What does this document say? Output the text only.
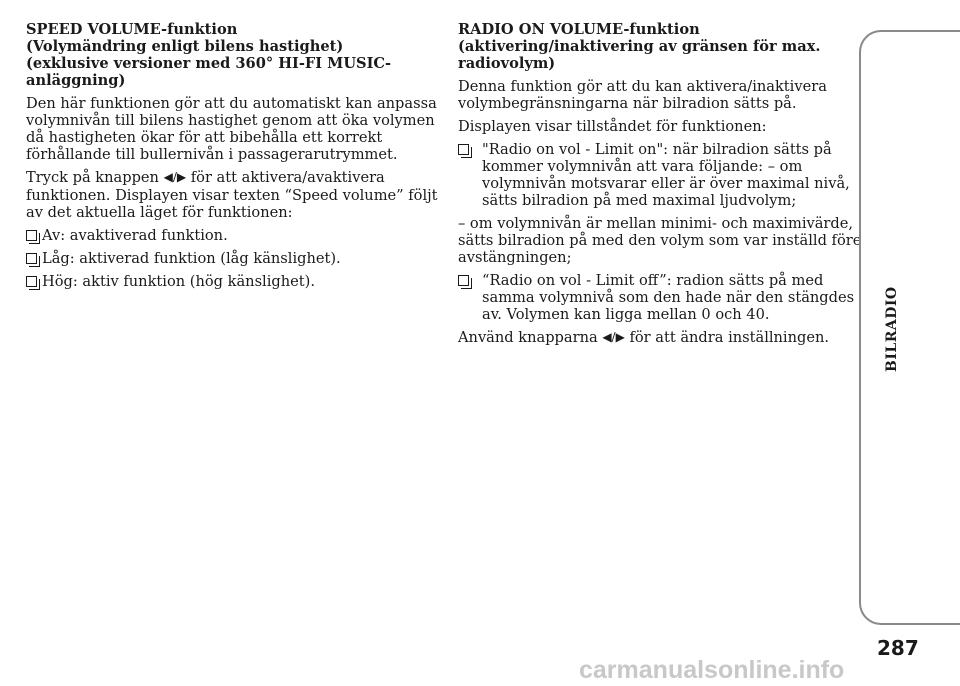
SPEED VOLUME-funktion
(Volymändring enligt bilens hastighet)
(exklusive versioner med 360° HI-FI MUSIC-
anläggning)

Den här funktionen gör att du automatiskt kan anpassa volymnivån till bilens hastighet genom att öka volymen då hastigheten ökar för att bibehålla ett korrekt förhållande till bullernivån i passagerarutrymmet.

Tryck på knappen ◀/▶ för att aktivera/avaktivera funktionen. Displayen visar texten “Speed volume” följt av det aktuella läget för funktionen:

Av: avaktiverad funktion.
Låg: aktiverad funktion (låg känslighet).
Hög: aktiv funktion (hög känslighet).
RADIO ON VOLUME-funktion
(aktivering/inaktivering av gränsen för max.
radiovolym)

Denna funktion gör att du kan aktivera/inaktivera volymbegränsningarna när bilradion sätts på.

Displayen visar tillståndet för funktionen:

"Radio on vol - Limit on": när bilradion sätts på kommer volymnivån att vara följande: – om volymnivån motsvarar eller är över maximal nivå, sätts bilradion på med maximal ljudvolym;

– om volymnivån är mellan minimi- och maximivärde, sätts bilradion på med den volym som var inställd före avstängningen;

“Radio on vol - Limit off”: radion sätts på med samma volymnivå som den hade när den stängdes av. Volymen kan ligga mellan 0 och 40.

Använd knapparna ◀/▶ för att ändra inställningen.	BILRADIO
287
carmanualsonline.info
